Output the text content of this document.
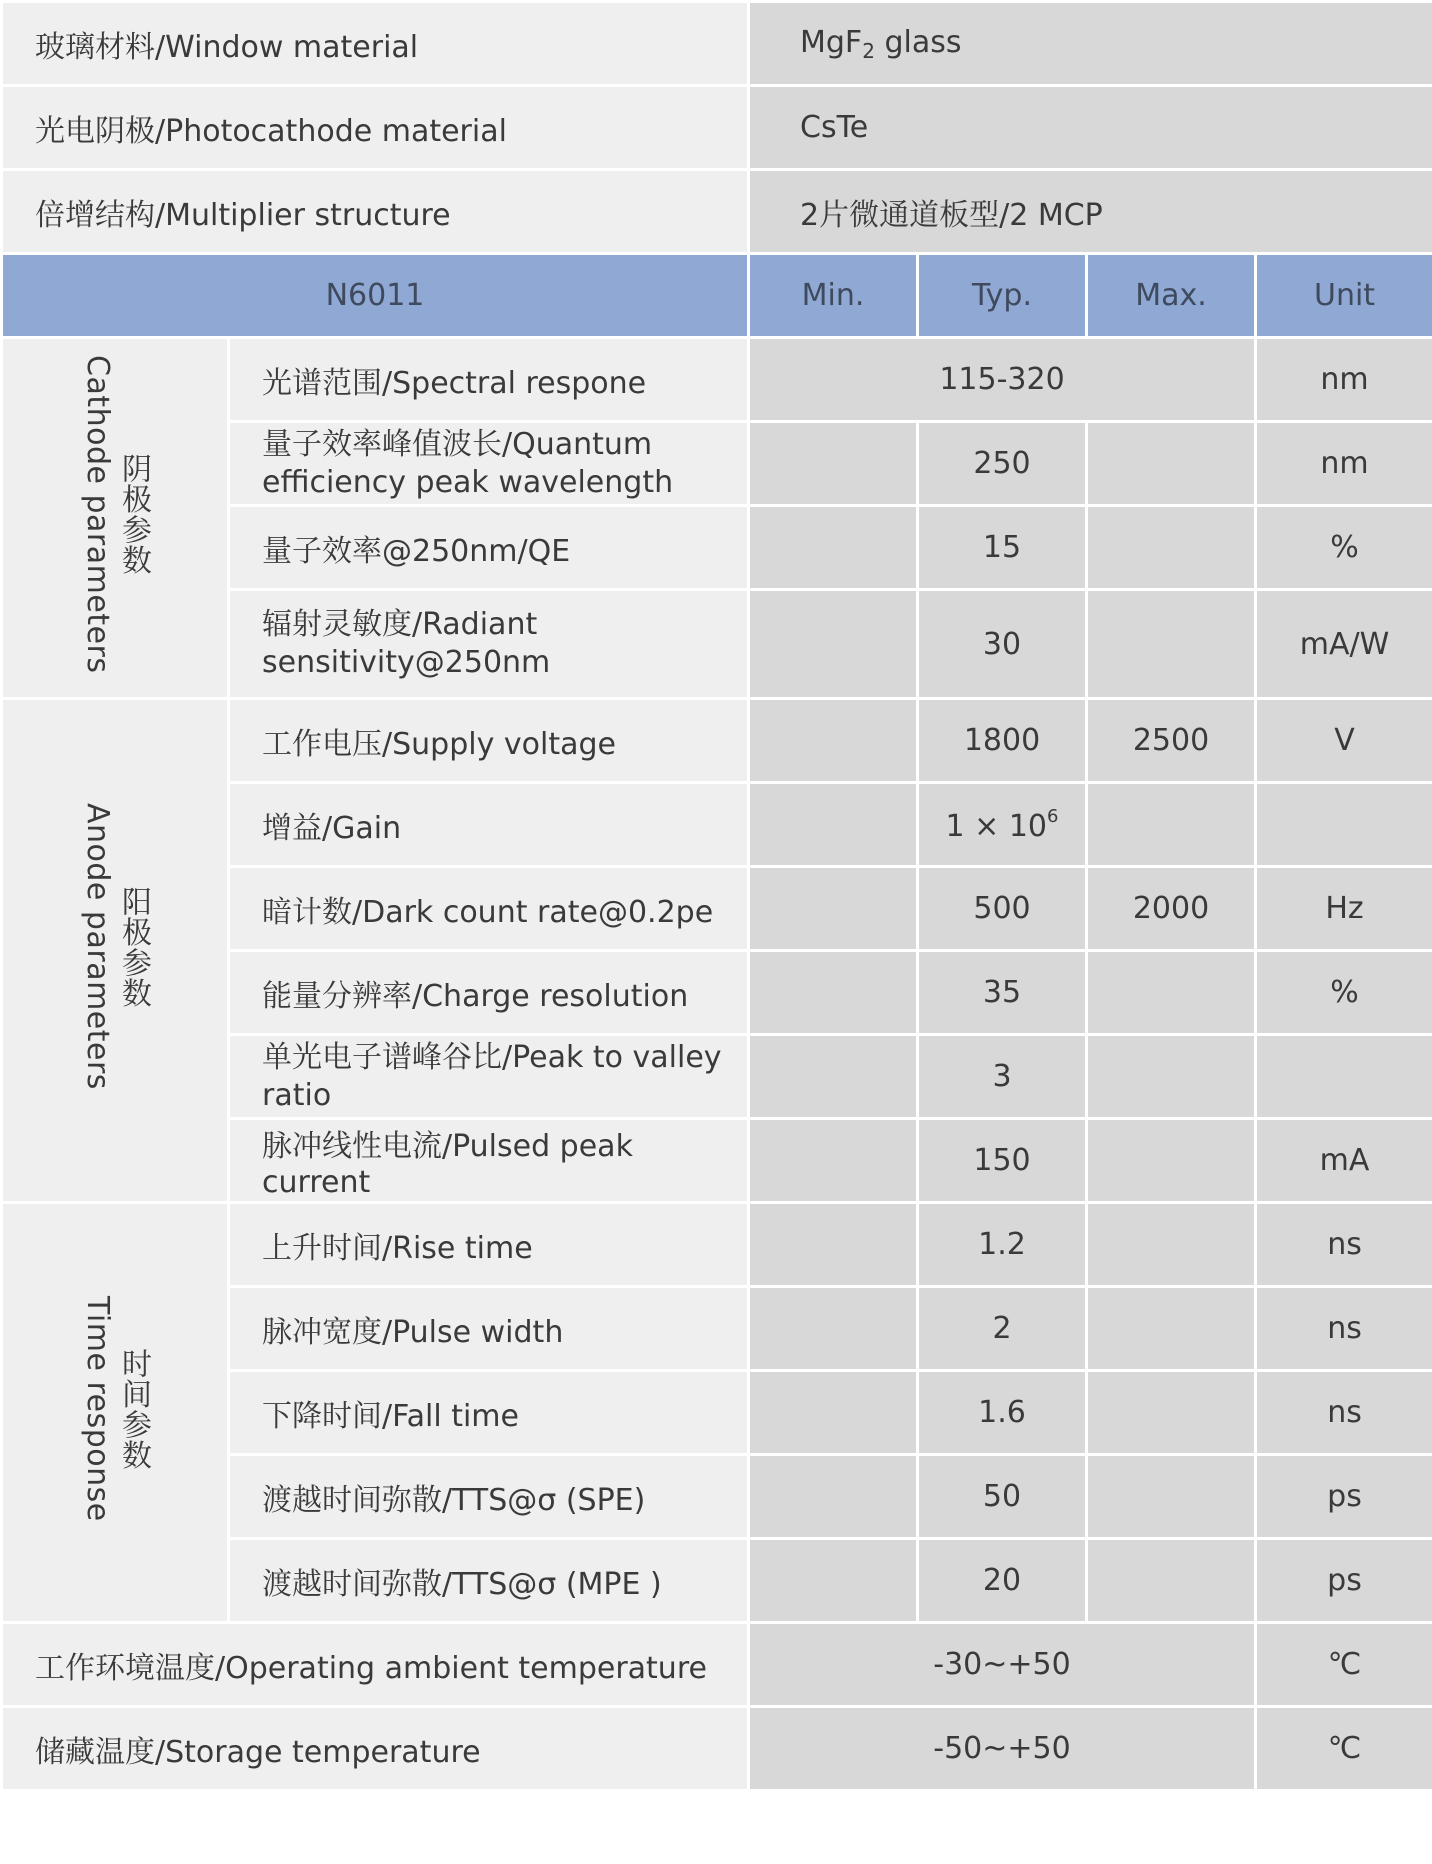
玻璃材料/Window material		MgF$_2$ glass			
光电阴极/Photocathode material		CsTe			
倍增结构/Multiplier structure		2片微通道板型/2 MCP			
N6011		Min.	Typ.	Max.	Unit
阴极参数
Cathode parameters	光谱范围/Spectral respone	115-320			nm
	量子效率峰值波长/Quantum
efficiency peak wavelength		250		nm
	量子效率@250nm/QE		15		%
	辐射灵敏度/Radiant
sensitivity@250nm		30		mA/W
阳极参数
Anode parameters	工作电压/Supply voltage		1800	2500	V
	增益/Gain		$1 \times 10^6$		
	暗计数/Dark count rate@0.2pe		500	2000	Hz
	能量分辨率/Charge resolution		35		%
	单光电子谱峰谷比/Peak to valley
ratio		3		
	脉冲线性电流/Pulsed peak current		150		mA
时间参数
Time response	上升时间/Rise time		1.2		ns
	脉冲宽度/Pulse width		2		ns
	下降时间/Fall time		1.6		ns
	渡越时间弥散/TTS@σ (SPE)		50		ps
	渡越时间弥散/TTS@σ (MPE )		20		ps
工作环境温度/Operating ambient temperature		-30~+50			℃
储藏温度/Storage temperature		-50~+50			℃
